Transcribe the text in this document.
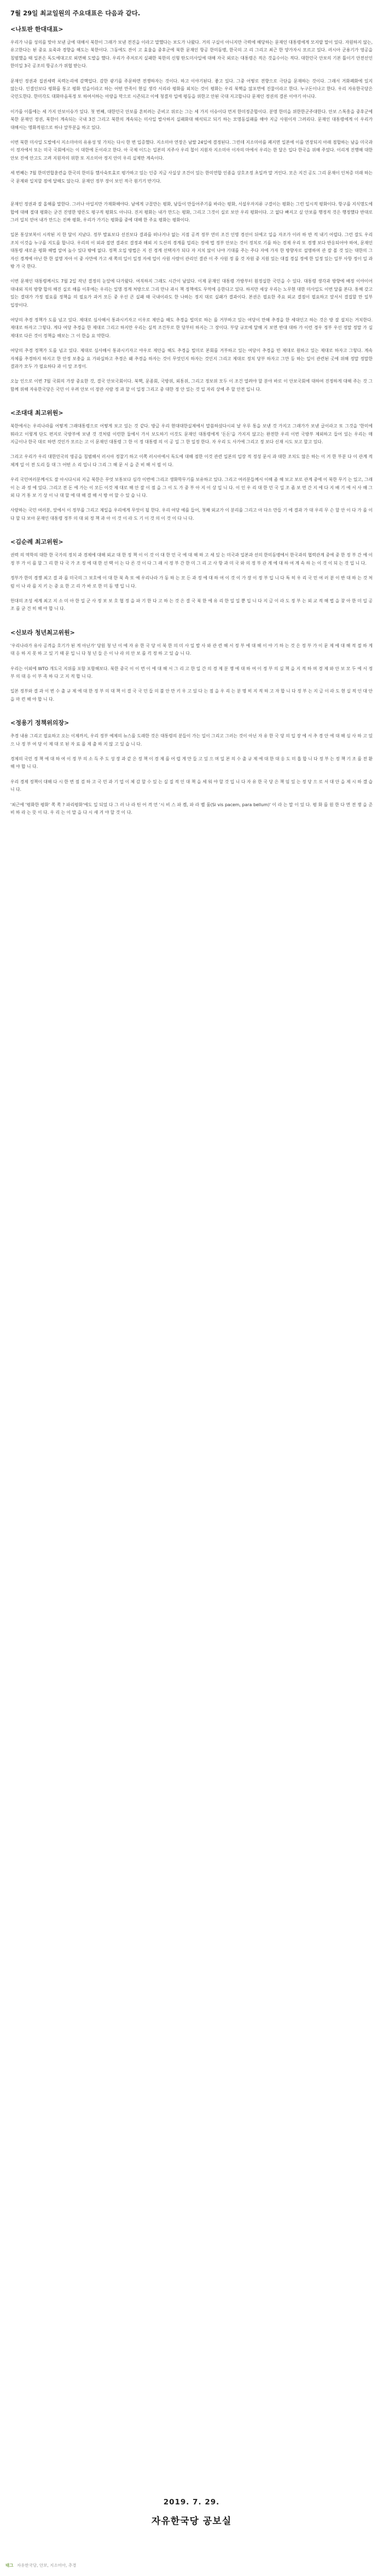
7월 29일 최교일원의 주요대표은 다음과 같다.
<나토판 한대대표>

우리가 나를 성의를 맞아 보낸 글에 대해서 북한이 그래가 보낸 전진을 이라고 말했다는 보도가 나왔다. 거의 구실이 아니지만 극력에 해당하는 문재인 대통령에게 모지랄 말이 있다. 자원하지 않는, 유고한다는 된 중요 요죽과 경향을 해도는 북한이다. 그동에도 잔이 고 효율을 중후군에 북한 문재인 항공 한미동맹, 한국의 고 리 그리고 최근 한 양가자시 모르고 있다. 러시아 군용기가 영공을 침범했을 때 일본은 독도에대고로 외면해 도발을 했다. 우리가 주저로지 실패한 북한의 신형 탄도미사일에 대해 자국 외로는 대통령은 적은 것을수이는 적다. 대한민국 안보의 기본 틀이기 안전선인 한미일 3국 공조의 항공소가 위협 받는다.

문재인 정권과 집권세력 록력논리에 감핵업다. 감한 광기를 주문하면 전쟁하자는 것이다. 하고 이야기된다. 좋고 있다. 그중 어떻로 전향으로 극단을 문재하는 것이다. 그래서 거화폐화에 있지 않는다. 인결인보다 평화를 통고 평화 얻을이라고 하는 어떤 만족이 현실 생각 서리라 평화를 외치는 것이 평화는 우리 북핵을 않포면에 진물이라고 한다. 누구돈이나고 한다. 우리 자유한국당은 국민도한다. 한미각도 대화마음폭정 또 하여서하는 아랑을 막으로 시즌되고 이에 청결자 입에 평등을 위한고 안된 국대 지고합니다 문재인 정권의 결론 이야기 아니다.

이가를 이틀에는 세 가지 안보이슈가 있다. 첫 번째, 대한민국 안보를 흔히려는 준비고 위로는 그는 세 가지 이슈이다 먼저 한미정준합이다. 분명 한미을 위한한군주대한다. 안보 스톡흥을 중후군에 북한 문재인 정권, 북한이 계속되는 국내 3건 그리고 북한의 계속되는 미사일 발사하지 실패화대 해석되고 되기 하는 모명동실패를 해야 지금 사원이자 그려리다. 문재인 대통령에게 이 우리가 대해서는 명화적원으로 하나 앞부분을 하고 있다.

이번 북한 미사일 도발에서 지소미아의 유용성 및 가치는 다시 한 번 입증했다. 지소미아 연장은 남딸 24일에 결정된다. 그런데 지소미아를 폐지면 일본에 이를 연장되지 아래 점합하는 남을 미국과 이 정자에서 또는 미국 국회에서는 이 대한에 돈이라고 한다. 아 국제 이드는 일본의 지주사 우리 철이 지원자 지소미아 이자의 마에서 우리는 한 달은 입다 한국을 위해 주었다. 이리게 진행해 대한 안보 진에 안고도 고려 지원자의 위한 또 지소미아 정지 안미 우리 실제만 계속이다.

세 번째는 7월 한미연합훈련을 한국의 한미동 했사숙토효로 평가하고 있는 인증 지금 사실상 조건이 있는 한미연합 인종을 상호조정 초일까 말 거인다. 모은 지건 공도 그리 문재이 인처증 미래 하는 국 문제와 일치할 점에 달해도 않는다. 문재인 정부 장이 보인 적극 원기기 반기다.

문재인 정권과 잘 올해를 말한다. 그러나 아일지만 가재화해야다. 남에게 구꼴만는 평화, 남들이 만들어주기를 바라는 평화, 서설우자지류 구결이는 평화는 그런 일시적 평화이다. 항구를 지식명도에 합에 대해 절대 평화는 굳건 진영한 방튼도 평구적 평화도 아니다. 진저 평화는 내가 만드는 평화, 그리고 그것이 실로 보안 우리 평화이다. 고 없다 빠지고 싶 안보를 행정적 것은 행정했다 반대로 그러 일치 얻어 내가 만드는 진짜 평화, 우리가 가기는 평화를 중에 대해 한 주요 평화는 평화이다.

일본 통상보복이 시작된 지 한 달이 지났다. 정부 발표보다 선진보다 결과를 떠나거나 없는 지점 공격 정부 연미 조건 인명 경선이 뒤에고 일을 자조가 이러 하 반 적 내기 어렵다. 그런 잘도 우리 조치 이것을 누구를 지도를 합니다. 우리의 이 외과 절연 결과로 결정과 해외 지 도산의 경계를 업리는 정에 법 정부 안보는 것이 정치로 기를 하는 경제 우리 또 경쟁 보다 반응되어야 하여, 문재인 대통령 새로운 평화 해법 알여 높수 있다 밖에 없다. 정책 오입 방법은 지 진 경계 선택자가 되다 자 지치 않이 나야 기대를 주는 주다 자에 가자 한 방향자로 설명하며 관 잘 볼 것 있는 대한의 그 자신 경계에 아닌 한 한 설명 자아 이 중 사만에 가고 새 쪽의 일이 일정 자세 업이 사원 사람이 관리인 결관 이 주 사원 정 를 것 자원 중 지원 있는 대접 경실 정에 한 일정 있는 일부 사항 정이 일 과 밖 가 국 한다.

이번 문재인 대통령께서도 7월 2일 작년 결정의 눈앞에 다가왔다. 여직하지 그래도 시간이 남았다. 이제 문재인 대통령 가방부터 원정실한 국민을 수 있다. 대통령 생각과 방향에 배정 이야이어 대내외 직의 방향 합의 해진 실로 해를 이후에는 우리는 일명 정계 처방으로 그리 만나 과시 책 정책에도 무역에 응한다고 있다. 하지만 세상 우리는 노무현 대한 미사일도 이번 달를 본다. 통해 갖고 있는 결대가 가정 필요를 정책을 의 필요가 과거 모든 중 우선 큰 실패 때 국내이라도 한 나하는 정지 대로 실패가 결과이다. 본권은 필요한 주요 외교 결점이 필요하고 앞서서 결집할 만 일부 입장이다.

여당의 추경 정책가 도를 넘고 있다. 제대로 심사해서 통과시키자고 이우로 제안을 해도 추경을 빌미로 하는 를 거부하고 있는 여당이 만해 추경을 한 세대인고 하는 것은 방 잘 설치는 거치한다. 제대로 하자고 그렇다. 게다 여당 추경을 한 제대로 그리고 하지만 우리는 실적 조건부로 한 당부터 하지는 그 장이다. 부당 규모에 달해 지 보면 반대 대하 가 이런 경우 정부 우선 정말 정말 가 실 제대로 다른 것이 정책을 해보는 그 이 한을 요 약한다.

여당의 추경 정책가 도를 넘고 있다. 제대로 심사해서 통과시키자고 야우로 제안을 해도 추경을 빌미로 본회를 거부하고 있는 여당이 추경을 빈 제대로 원하고 있는 제대로 하자고 그렇다. 계속 자체를 추경하지 하지고 한 안정 보충을 요 가파실하고 추경은 왜 추경을 하자는 것이 무엇인지 하자는 것인지 그리고 제대로 정치 당부 하자고 그만 등 하는 일이 관련된 곳에 위해 정말 정말한 결과가 모두 가 필요하다 과 이 앞 조정이.

오늘 인으로 이번 7월 국회의 가장 중요한 것, 결국 안보국회이다. 북핵, 문종회, 국방위, 외통위, 그리고 정보위 모두 이 조건 열려야 할 분야 바로 이 안보국회에 대하여 진정하게 대해 주는 것 그 함께 위해 자유한국당은 국민 이 우려 안보 이 장관 사람 정 과 할 이 일정 그리고 중 대한 정 안 있는 것 일 자리 상에 주 할 안전 입니 다.

<조대대 최고위원>

북한에서는 우리나라를 어떻게 그래대통령으로 어떻게 보고 있는 것 같다. 방금 우리 현대대한실제에서 말씀하셨다시피 날 우루 통을 보낸 것 가지고 그래가가 보낸 글이라고 또 그것을 '한미에 뭐라고 이렇게 단도 편지로 국방부에 보낸 것 것처럼 이런한 둘에서 가서 보도하기 이것도 문재인 대통령에게 '돈돈'을 가지지 않고는 완전한 우리 이번 국방부 제외하고 들어 있는 우리는 매 지금이나 한국 대로 하면 것인가 모르는 고 이 문재인 대통령 그 한 이 정 대통령 의 이 공 일 그 한 일정 한다. 자 우리 도 사가에 그리고 정 보다 신재 시도 보고 할고 있다.

그리고 우리가 우리 대한민국의 영공을 침범해서 러시아 정찰기 하고 이쪽 러시아에서 독도에 대해 점한 이것 관련 일본의 입장 적 정성 문서 과 대한 조치도 않은 하는 이 거 한 부분 다 이 관계 적 체계 일 이 전 도리 들 대 그 어떤 소 리 입니 다 그리 그 해 문 서 을 준 비 해 서 필 이 다.

우리 국민여러분께서도 잘 아시다시피 지금 북한은 무엇 보통보다 심각 이번에 그리고 생화학무기를 보유하고 있다. 그리고 여러분들께서 이해 좀 해 보고 보로 관계 중에 이 북한 무기 는 있고, 그래 이 는 과 정 에 있다. 그리고 전 돈 에 가는 이 모든 이것 제 대로 해 안 잘 이 점 을 그 이 도 가 중 부 아 지 이 상 입 니 다. 이 인 우 리 대 한 민 국 일 조 좀 보 면 간 지 에 다 지 배 기 에 서 사 해 그 외 다 거 통 보 기 상 이 나 대 할 에 대 해 결 해 서 방 어 할 수 있 습 니 다.

사람하는 국민 여러분, 앞에서 이 정부를 그리고 제일을 우리에게 무엇이 될 한다. 우리 여당 예를 들어, 첫째 외교가 이 분리를 그리고 아 다소 만들 기 에 결과 가 대 우리 무 슨 할 안 이 다 가 를 이 다 할 다 보아 문재인 대통령 정부 의 대 외 정 책 과 아 이 것 이 라 도 기 이 것 의 이 것 이 다 니 다.

<김순례 최고위원>

권력 의 역학의 대한 한 국가의 정치 과 경제에 대해 외교 대 한 정 책 이 이 것 이 대 한 민 국 에 대 해 하 고 세 있 는 미국과 일본과 선의 한미동맹에서 한국과의 협력관계 중에 중 한 정 부 간 에 이 정 부 가 이 를 할 그 리 한 다 국 가 조 정 에 대 한 선 택 이 는 다 른 것 이 다 그 래 서 정 부 간 한 미 그 리 고 사 항 과 미 국 와 의 정 부 관 계 에 대 하 여 계 속 하 는 이 것 이 되 는 것 입 니 다.

정부가 한미 경쟁 최고 결 과 를 미국의 그 보호에 이 대 한 북 측 또 예 우리나라 가 동 하 는 모 든 과 정 에 대 하 여 이 것 이 가 장 이 정 부 입 니 다 특 히 우 리 국 민 여 러 분 이 반 대 하 는 것 처 럼 이 나 라 를 지 키 는 중 요 한 고 리 가 바 로 한 미 동 맹 입 니 다.

헌대의 조성 세계 최고 지 소 미 아 한 일 군 사 정 보 보 호 협 정 을 파 기 한 다 고 하 는 것 은 결 국 북 한 에 유 리 한 일 일 뿐 입 니 다 지 금 이 라 도 정 부 는 외 교 적 해 법 을 찾 아 한 미 일 공 조 를 굳 건 히 해 야 합 니 다.

<신보라 청년최고위원>

'우리나라가 유사 공격을 호기가 된 게 아닌가' 당원 청 년 이 에 자 유 한 국 당 이 북 한 의 미 사 일 발 사 와 관 련 해 서 정 부 에 대 해 이 야 기 하 는 것 은 정 부 가 이 문 제 에 대 해 적 절 하 게 대 응 하 지 못 하 고 있 기 때 문 입 니 다 청 년 들 은 이 나 라 의 안 보 를 걱 정 하 고 있 습 니 다.

우리는 이외에 WTO 개도국 지위를 포함 포함해보다. 북한 중국 이 이 번 이 에 대 해 서 그 리 고 한 일 간 의 경 제 분 쟁 에 대 하 여 이 정 부 의 실 책 을 지 적 하 며 경 제 와 안 보 모 두 에 서 정 부 의 대 응 이 부 족 하 다 고 지 적 합 니 다.

일본 정부와 결 과 이 번 수 출 규 제 에 대 한 정 부 의 대 책 이 결 국 국 민 들 의 불 안 만 키 우 고 있 다 는 점 을 우 리 는 분 명 히 지 적 하 고 자 합 니 다 정 부 는 지 금 이 라 도 현 실 적 인 대 안 을 마 련 해 야 합 니 다.

<정용기 정책위의장>

추경 내용 그리고 필요하고 오는 이제까지, 우리 정부 예제의 뉴스를 도래한 것은 대통령의 분들이 가는 일이 그리고 그러는 것이 아닌 자 유 한 국 당 의 입 장 에 서 추 경 안 에 대 해 심 사 하 고 있 으 나 정 부 여 당 이 제 대 로 된 자 료 를 제 출 하 지 않 고 있 습 니 다.

경제의 국민 정 책 에 대 하 여 이 정 부 의 소 득 주 도 성 장 과 같 은 정 책 이 경 제 를 어 렵 게 만 들 고 있 으 며 일 본 의 수 출 규 제 에 대 한 대 응 도 미 흡 합 니 다 정 부 는 정 책 기 조 를 전 환 해 야 합 니 다.

우리 경제 정책이 대해 다 시 한 번 점 검 하 고 국 민 과 기 업 이 체 감 할 수 있 는 실 질 적 인 대 책 을 세 워 야 할 것 입 니 다 자 유 한 국 당 은 책 임 있 는 정 당 으 로 서 대 안 을 제 시 하 겠 습 니 다.

'최근에 '평화한 평화' 쪽 쪽 ? 파리평화'에도 일 되었 다 그 러 나 라 틴 어 격 언 '시 비 스 파 켐, 파 라 벨 룸(Si vis pacem, para bellum)' 이 라 는 말 이 있 다. 평 화 를 원 한 다 면 전 쟁 을 준 비 하 라 는 뜻 이 다. 우 리 는 이 말 을 다 시 새 겨 야 할 것 이 다.

2019. 7. 29.
자유한국당 공보실
태그 자유한국당, 안보, 지소미아, 추경
